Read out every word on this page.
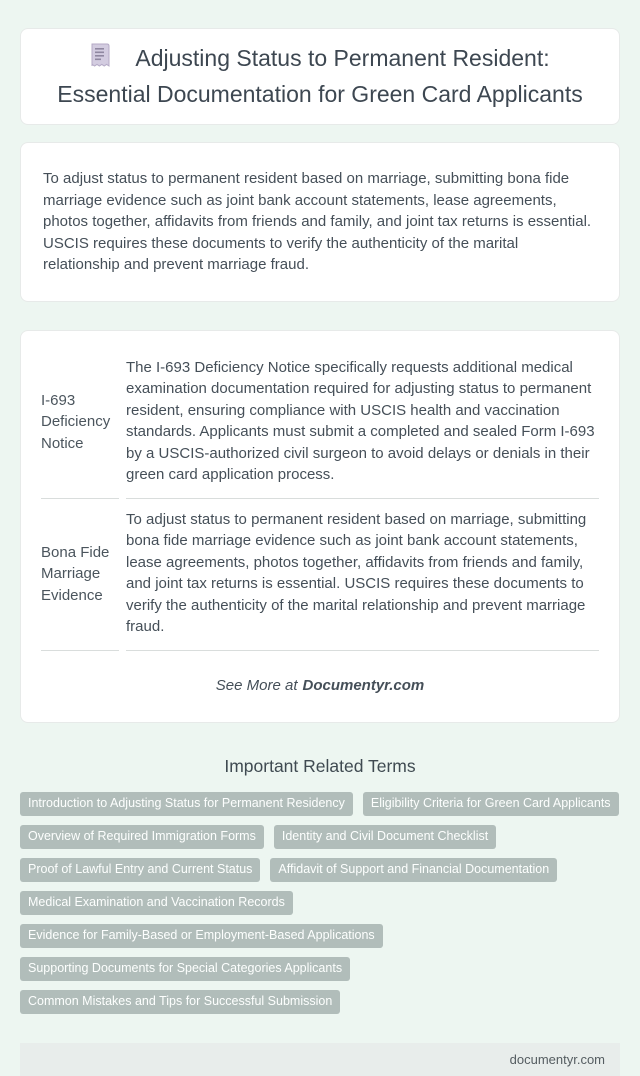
Adjusting Status to Permanent Resident: Essential Documentation for Green Card Applicants

To adjust status to permanent resident based on marriage, submitting bona fide marriage evidence such as joint bank account statements, lease agreements, photos together, affidavits from friends and family, and joint tax returns is essential. USCIS requires these documents to verify the authenticity of the marital relationship and prevent marriage fraud.

I-693 Deficiency Notice	The I-693 Deficiency Notice specifically requests additional medical examination documentation required for adjusting status to permanent resident, ensuring compliance with USCIS health and vaccination standards. Applicants must submit a completed and sealed Form I-693 by a USCIS-authorized civil surgeon to avoid delays or denials in their green card application process.
Bona Fide Marriage Evidence	To adjust status to permanent resident based on marriage, submitting bona fide marriage evidence such as joint bank account statements, lease agreements, photos together, affidavits from friends and family, and joint tax returns is essential. USCIS requires these documents to verify the authenticity of the marital relationship and prevent marriage fraud.

See More at Documentyr.com

Important Related Terms
Introduction to Adjusting Status for Permanent Residency	Eligibility Criteria for Green Card Applicants
Overview of Required Immigration Forms	Identity and Civil Document Checklist
Proof of Lawful Entry and Current Status	Affidavit of Support and Financial Documentation
Medical Examination and Vaccination Records
Evidence for Family-Based or Employment-Based Applications
Supporting Documents for Special Categories Applicants
Common Mistakes and Tips for Successful Submission
documentyr.com
